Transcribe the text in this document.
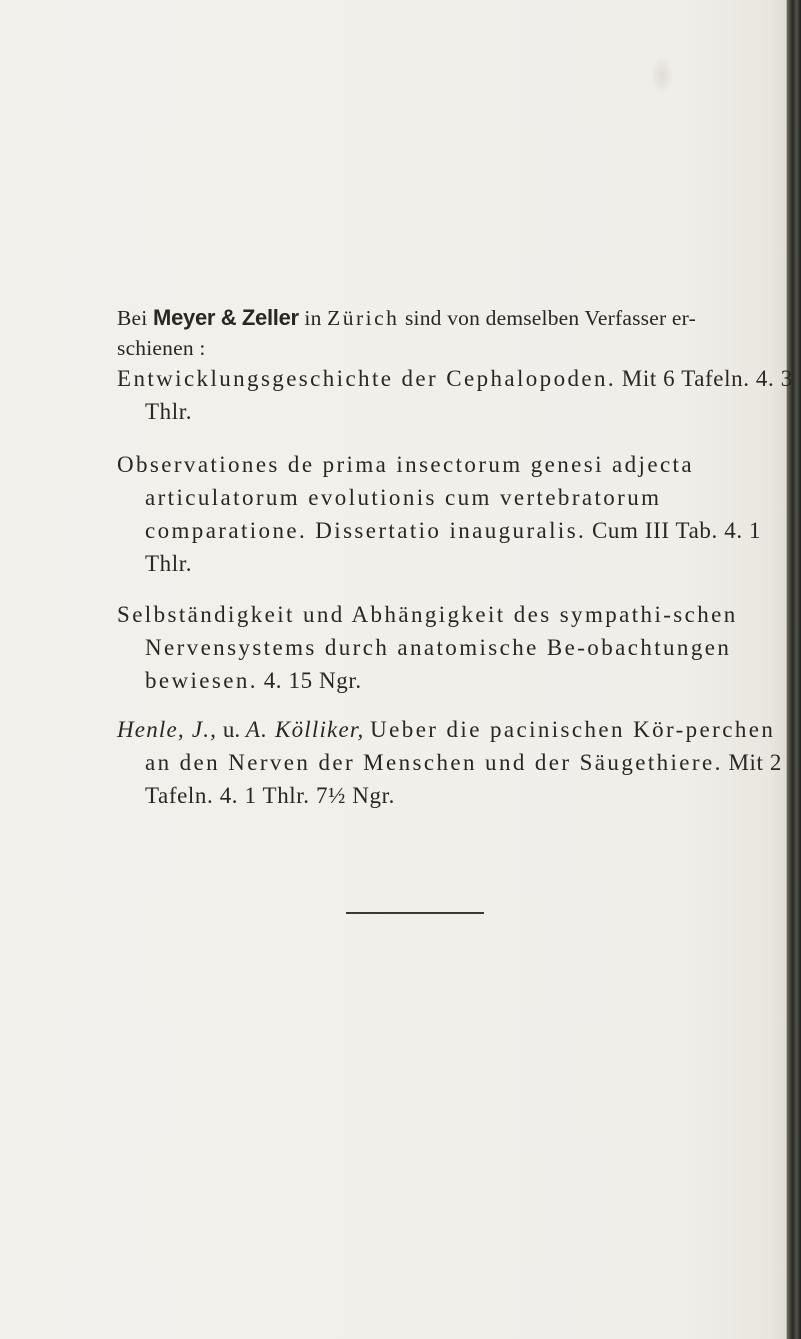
Bei Meyer & Zeller in Zürich sind von demselben Verfasser er-schienen :
Entwicklungsgeschichte der Cephalopoden. Mit 6 Tafeln. 4. 3 Thlr.
Observationes de prima insectorum genesi adjecta articulatorum evolutionis cum vertebratorum comparatione. Dissertatio inauguralis. Cum III Tab. 4. 1 Thlr.
Selbständigkeit und Abhängigkeit des sympathi-schen Nervensystems durch anatomische Be-obachtungen bewiesen. 4. 15 Ngr.
Henle, J., u. A. Kölliker, Ueber die pacinischen Kör-perchen an den Nerven der Menschen und der Säugethiere. Mit 2 Tafeln. 4. 1 Thlr. 7½ Ngr.
